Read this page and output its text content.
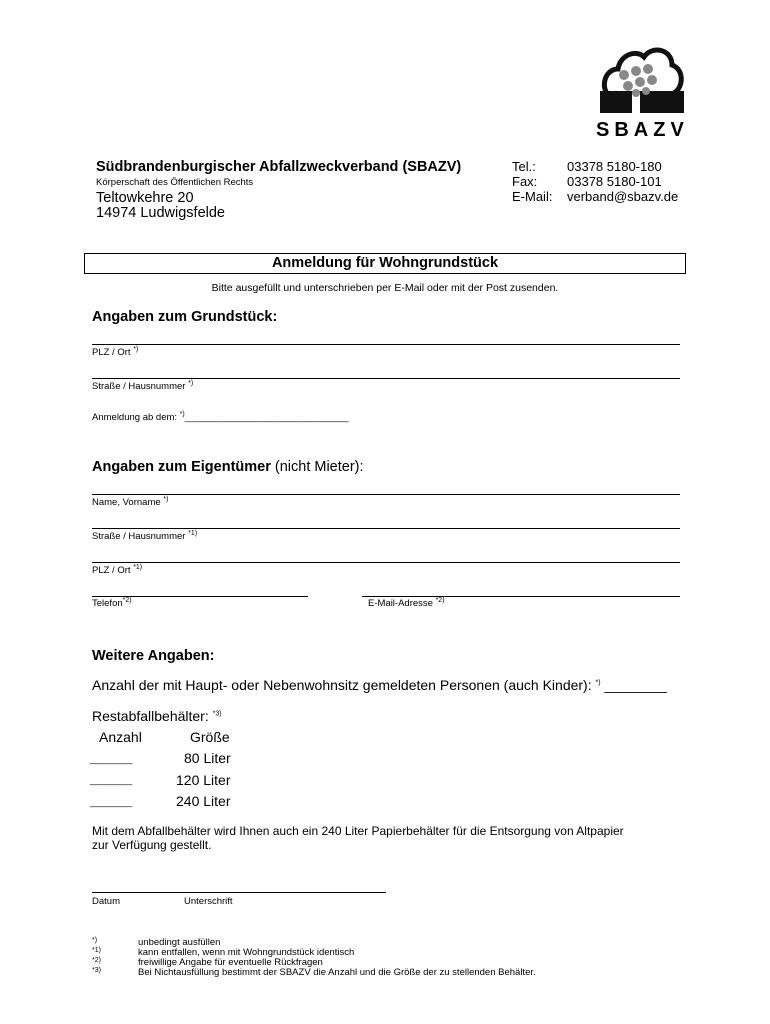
SBAZV
Südbrandenburgischer Abfallzweckverband (SBAZV)
Körperschaft des Öffentlichen Rechts
Teltowkehre 20
14974 Ludwigsfelde
Tel.: 03378 5180-180
Fax: 03378 5180-101
E-Mail: verband@sbazv.de
Anmeldung für Wohngrundstück
Bitte ausgefüllt und unterschrieben per E-Mail oder mit der Post zusenden.
Angaben zum Grundstück:
PLZ / Ort *)
Straße / Hausnummer *)
Anmeldung ab dem: *)_______________________________
Angaben zum Eigentümer (nicht Mieter):
Name, Vorname *)
Straße / Hausnummer $^{*1)}$
PLZ / Ort $^{*1)}$
Telefon$^{*2)}$	E-Mail-Adresse $^{*2)}$
Weitere Angaben:
Anzahl der mit Haupt- oder Nebenwohnsitz gemeldeten Personen (auch Kinder): *) ________
Restabfallbehälter: $^{*3)}$
Anzahl	Größe
________	80 Liter
________	120 Liter
________	240 Liter
Mit dem Abfallbehälter wird Ihnen auch ein 240 Liter Papierbehälter für die Entsorgung von Altpapier
zur Verfügung gestellt.
Datum	Unterschrift
*)	unbedingt ausfüllen
*1)	kann entfallen, wenn mit Wohngrundstück identisch
*2)	freiwillige Angabe für eventuelle Rückfragen
*3)	Bei Nichtausfüllung bestimmt der SBAZV die Anzahl und die Größe der zu stellenden Behälter.
